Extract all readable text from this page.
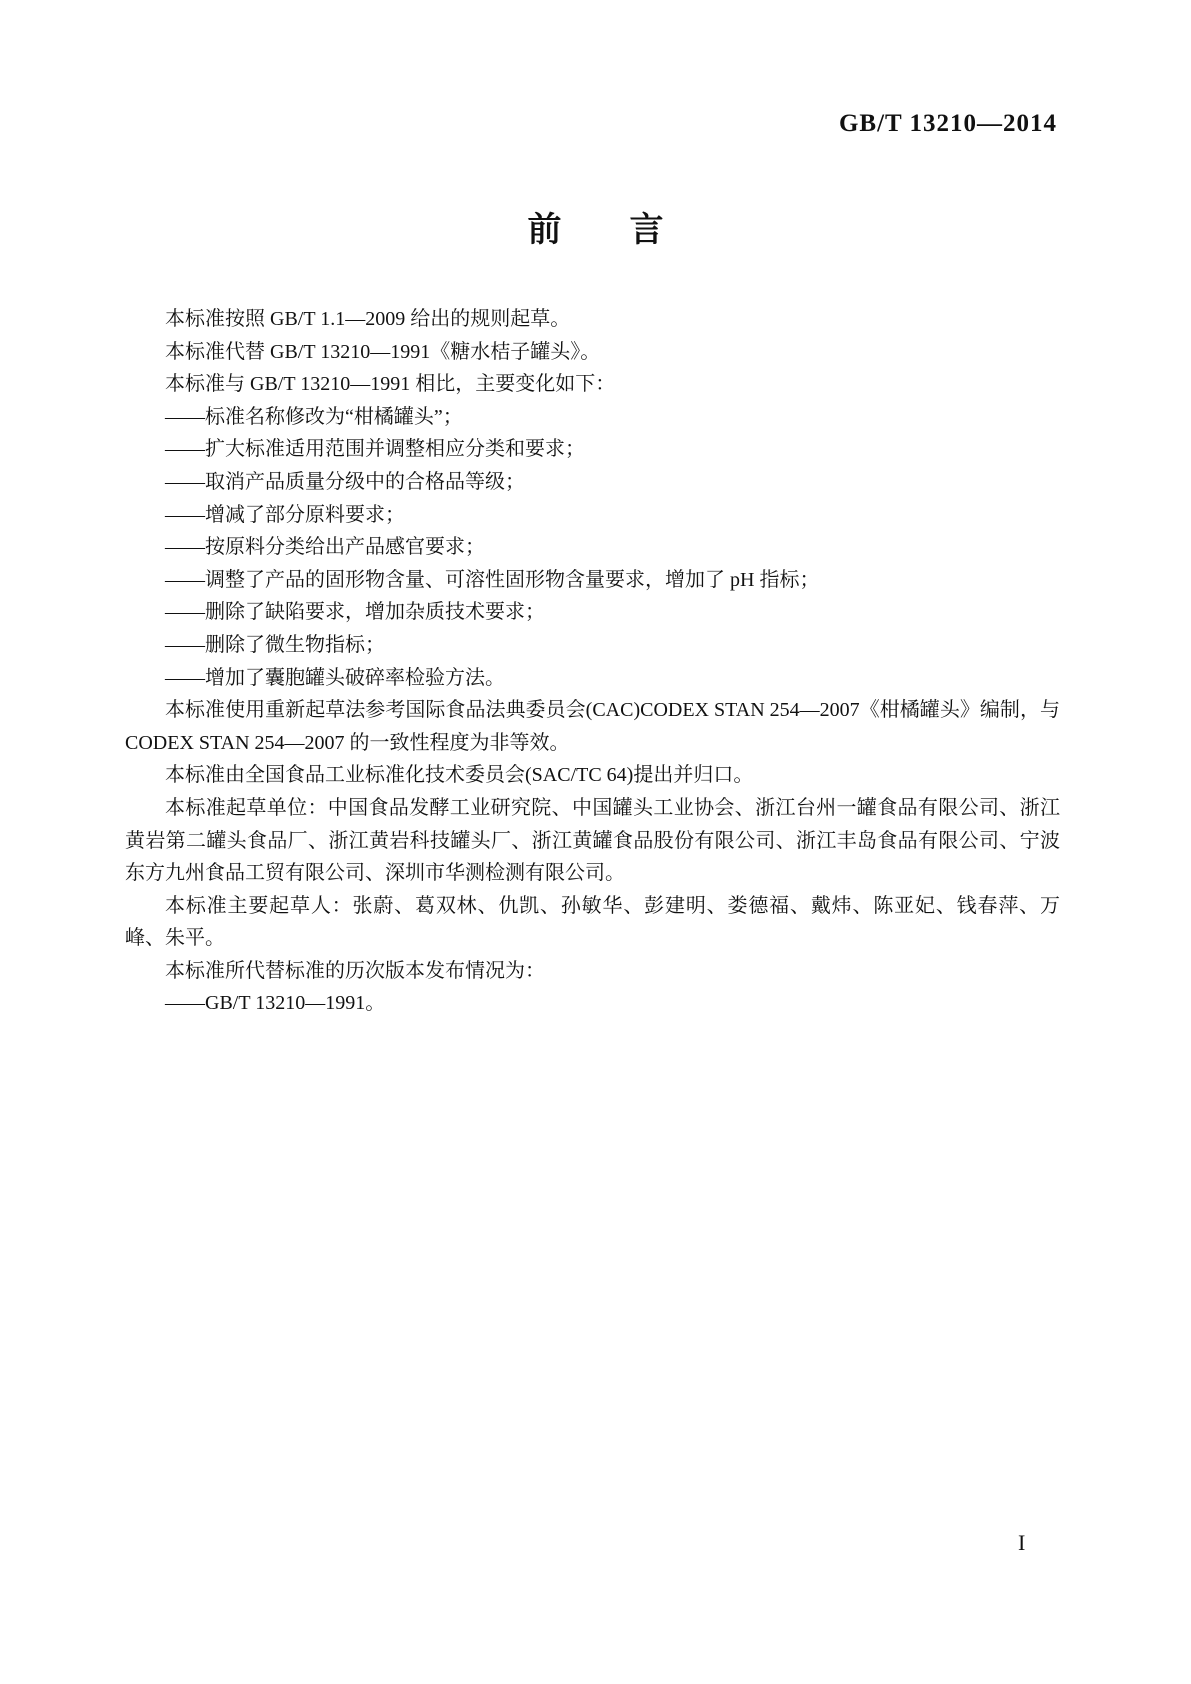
GB/T 13210—2014
前　　言

本标准按照 GB/T 1.1—2009 给出的规则起草。

本标准代替 GB/T 13210—1991《糖水桔子罐头》。

本标准与 GB/T 13210—1991 相比，主要变化如下：

——标准名称修改为“柑橘罐头”；

——扩大标准适用范围并调整相应分类和要求；

——取消产品质量分级中的合格品等级；

——增减了部分原料要求；

——按原料分类给出产品感官要求；

——调整了产品的固形物含量、可溶性固形物含量要求，增加了 pH 指标；

——删除了缺陷要求，增加杂质技术要求；

——删除了微生物指标；

——增加了囊胞罐头破碎率检验方法。

本标准使用重新起草法参考国际食品法典委员会(CAC)CODEX STAN 254—2007《柑橘罐头》编制，与 CODEX STAN 254—2007 的一致性程度为非等效。

本标准由全国食品工业标准化技术委员会(SAC/TC 64)提出并归口。

本标准起草单位：中国食品发酵工业研究院、中国罐头工业协会、浙江台州一罐食品有限公司、浙江黄岩第二罐头食品厂、浙江黄岩科技罐头厂、浙江黄罐食品股份有限公司、浙江丰岛食品有限公司、宁波东方九州食品工贸有限公司、深圳市华测检测有限公司。

本标准主要起草人：张蔚、葛双林、仇凯、孙敏华、彭建明、娄德福、戴炜、陈亚妃、钱春萍、万峰、朱平。

本标准所代替标准的历次版本发布情况为：

——GB/T 13210—1991。

I
